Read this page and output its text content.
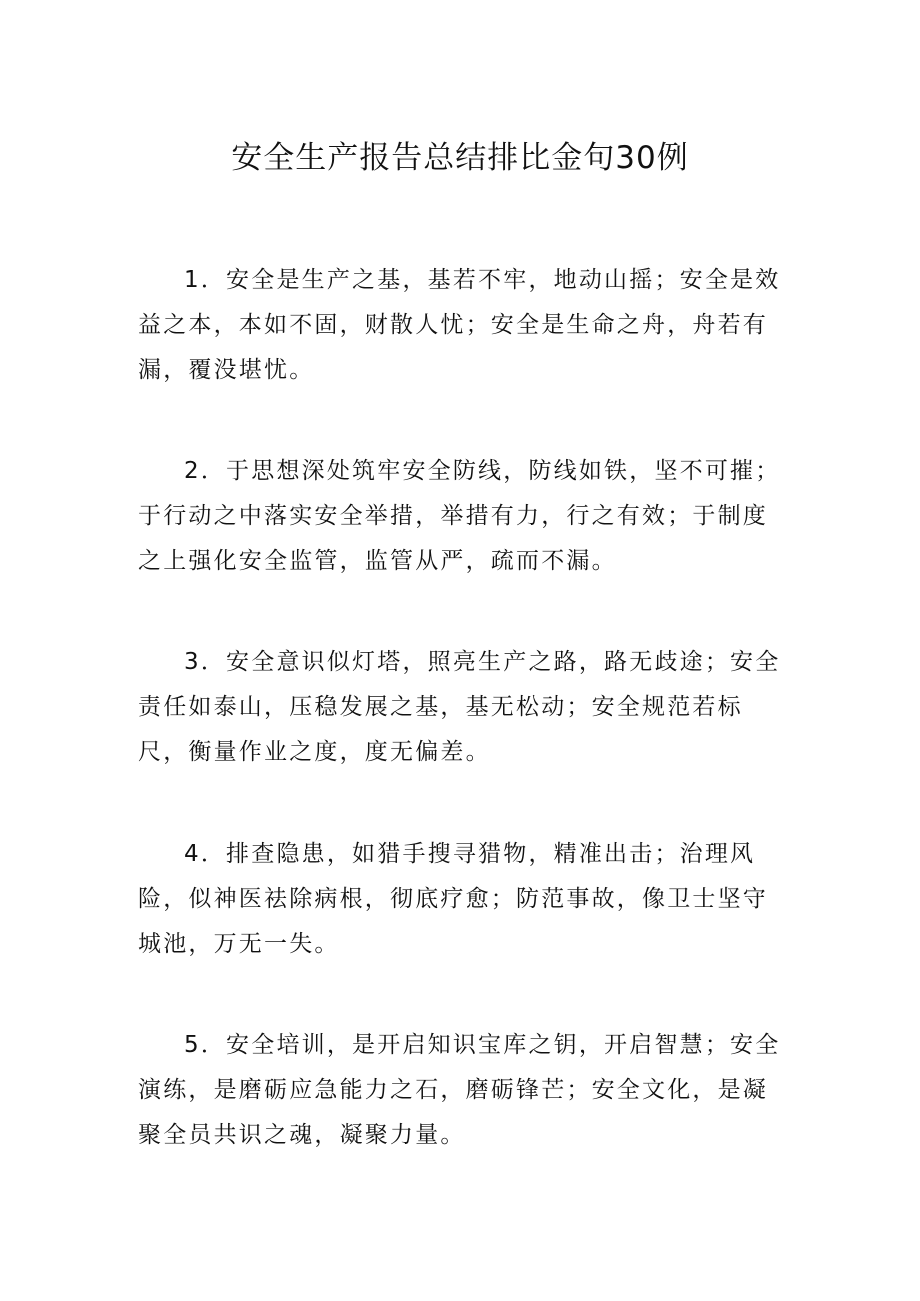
安全生产报告总结排比金句30例

1．安全是生产之基，基若不牢，地动山摇；安全是效益之本，本如不固，财散人忧；安全是生命之舟，舟若有漏，覆没堪忧。

2．于思想深处筑牢安全防线，防线如铁，坚不可摧；于行动之中落实安全举措，举措有力，行之有效；于制度之上强化安全监管，监管从严，疏而不漏。

3．安全意识似灯塔，照亮生产之路，路无歧途；安全责任如泰山，压稳发展之基，基无松动；安全规范若标尺，衡量作业之度，度无偏差。

4．排查隐患，如猎手搜寻猎物，精准出击；治理风险，似神医祛除病根，彻底疗愈；防范事故，像卫士坚守城池，万无一失。

5．安全培训，是开启知识宝库之钥，开启智慧；安全演练，是磨砺应急能力之石，磨砺锋芒；安全文化，是凝聚全员共识之魂，凝聚力量。
